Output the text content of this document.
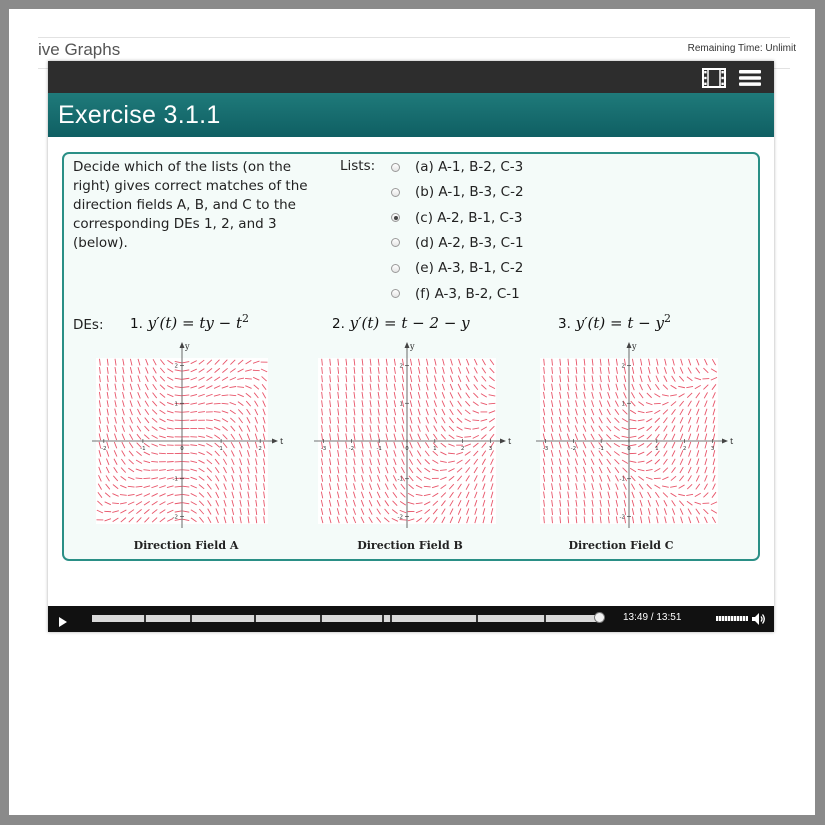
ive Graphs	Remaining Time: Unlimit
Exercise 3.1.1
Decide which of the lists (on the right) gives correct matches of the direction fields A, B, and C to the corresponding DEs 1, 2, and 3 (below).
Lists:	(a) A-1, B-2, C-3
(b) A-1, B-3, C-2
(c) A-2, B-1, C-3
(d) A-2, B-3, C-1
(e) A-3, B-1, C-2
(f) A-3, B-2, C-1
DEs: 1. y′(t) = ty − $t^2$	2. y′(t) = t − 2 − y	3. $y'(t) = t - y^2$
t
y
-2	-1	0	1	2
2
1
-1
-2
t
y
-3	-2	-1	0	1	2	3
2
1
-1
-2
t
y
-3	-2	-1	0	1	2	3
2
1
-1
-2
Direction Field A	Direction Field B	Direction Field C
13:49 / 13:51
